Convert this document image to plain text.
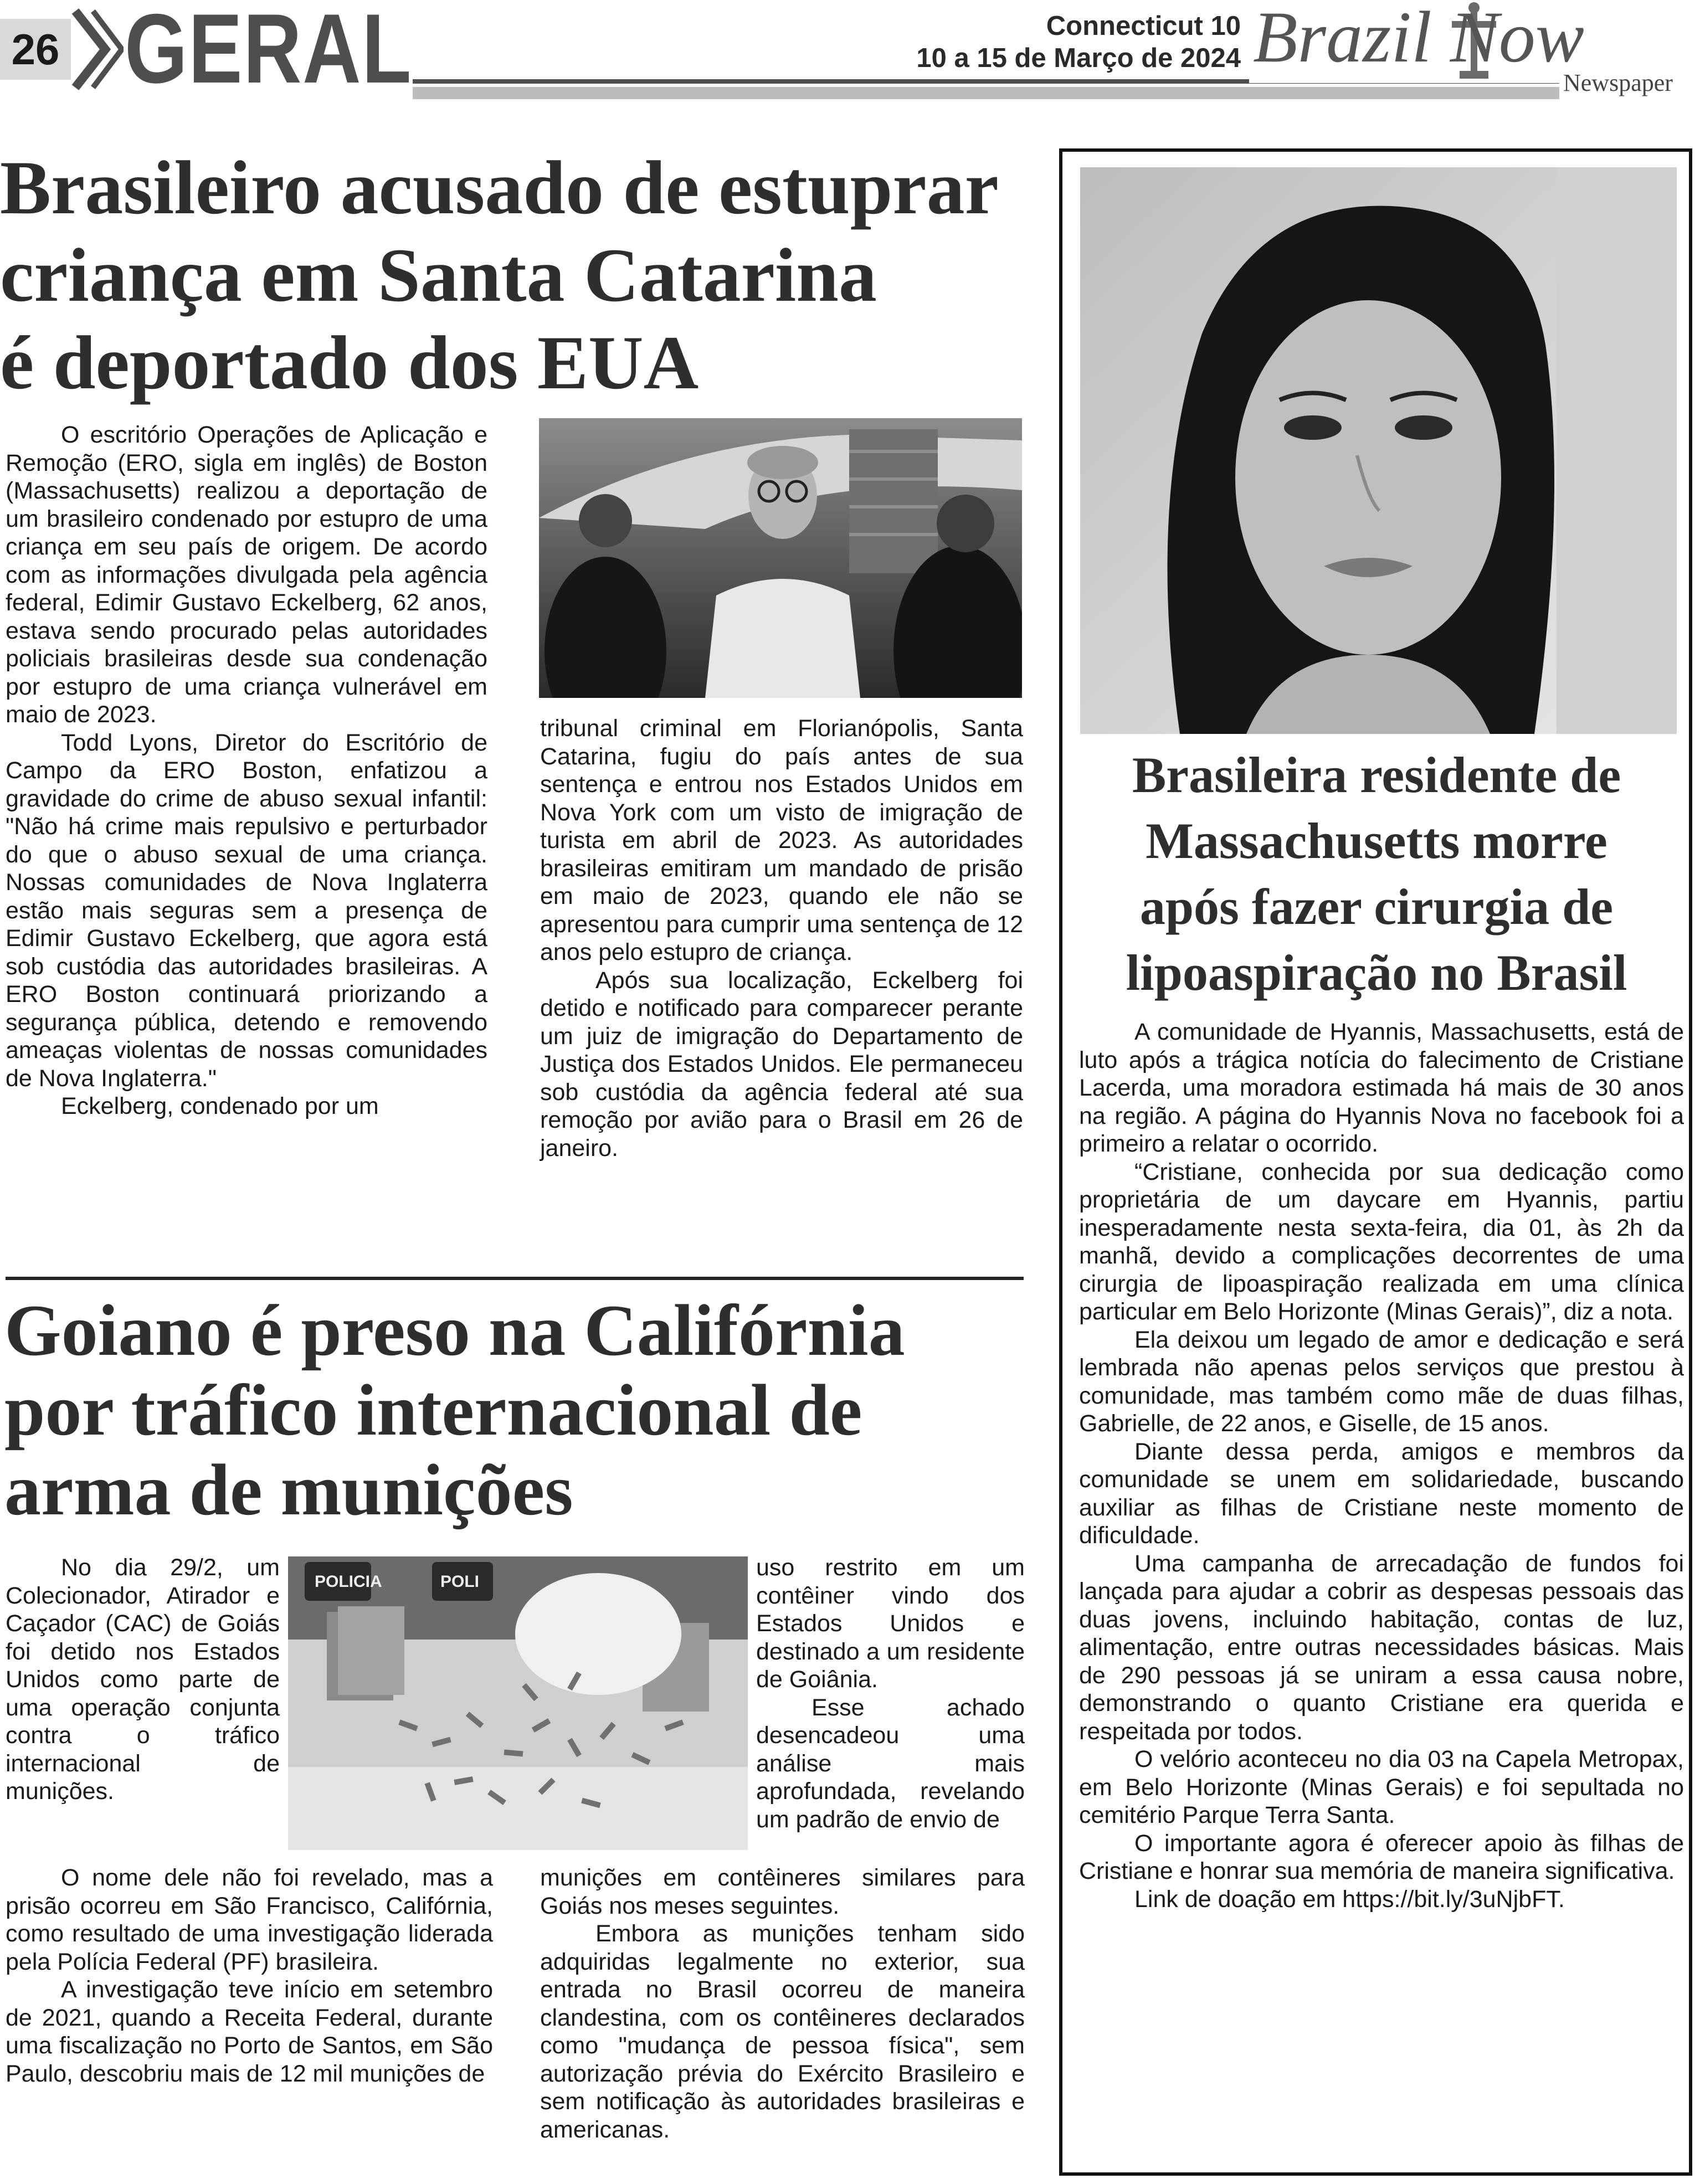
26 GERAL	Connecticut 10
10 a 15 de Março de 2024 Brazil Now
Newspaper
Brasileiro acusado de estuprar
criança em Santa Catarina
é deportado dos EUA

O escritório Operações de Aplicação e Remoção (ERO, sigla em inglês) de Boston (Massachusetts) realizou a deportação de um brasileiro condenado por estupro de uma criança em seu país de origem. De acordo com as informações divulgada pela agência federal, Edimir Gustavo Eckelberg, 62 anos, estava sendo procurado pelas autoridades policiais brasileiras desde sua condenação por estupro de uma criança vulnerável em maio de 2023.

Todd Lyons, Diretor do Escritório de Campo da ERO Boston, enfatizou a gravidade do crime de abuso sexual infantil: "Não há crime mais repulsivo e perturbador do que o abuso sexual de uma criança. Nossas comunidades de Nova Inglaterra estão mais seguras sem a presença de Edimir Gustavo Eckelberg, que agora está sob custódia das autoridades brasileiras. A ERO Boston continuará priorizando a segurança pública, detendo e removendo ameaças violentas de nossas comunidades de Nova Inglaterra."

Eckelberg, condenado por um

tribunal criminal em Florianópolis, Santa Catarina, fugiu do país antes de sua sentença e entrou nos Estados Unidos em Nova York com um visto de imigração de turista em abril de 2023. As autoridades brasileiras emitiram um mandado de prisão em maio de 2023, quando ele não se apresentou para cumprir uma sentença de 12 anos pelo estupro de criança.

Após sua localização, Eckelberg foi detido e notificado para comparecer perante um juiz de imigração do Departamento de Justiça dos Estados Unidos. Ele permaneceu sob custódia da agência federal até sua remoção por avião para o Brasil em 26 de janeiro.

Goiano é preso na Califórnia
por tráfico internacional de
arma de munições

No dia 29/2, um Colecionador, Atirador e Caçador (CAC) de Goiás foi detido nos Estados Unidos como parte de uma operação conjunta contra o tráfico internacional de munições.

POLICIA	POLI

uso restrito em um contêiner vindo dos Estados Unidos e destinado a um residente de Goiânia.

Esse achado desencadeou uma análise mais aprofundada, revelando um padrão de envio de

O nome dele não foi revelado, mas a prisão ocorreu em São Francisco, Califórnia, como resultado de uma investigação liderada pela Polícia Federal (PF) brasileira.

A investigação teve início em setembro de 2021, quando a Receita Federal, durante uma fiscalização no Porto de Santos, em São Paulo, descobriu mais de 12 mil munições de

munições em contêineres similares para Goiás nos meses seguintes.

Embora as munições tenham sido adquiridas legalmente no exterior, sua entrada no Brasil ocorreu de maneira clandestina, com os contêineres declarados como "mudança de pessoa física", sem autorização prévia do Exército Brasileiro e sem notificação às autoridades brasileiras e americanas.

Brasileira residente de
Massachusetts morre
após fazer cirurgia de
lipoaspiração no Brasil

A comunidade de Hyannis, Massachusetts, está de luto após a trágica notícia do falecimento de Cristiane Lacerda, uma moradora estimada há mais de 30 anos na região. A página do Hyannis Nova no facebook foi a primeiro a relatar o ocorrido.

“Cristiane, conhecida por sua dedicação como proprietária de um daycare em Hyannis, partiu inesperadamente nesta sexta-feira, dia 01, às 2h da manhã, devido a complicações decorrentes de uma cirurgia de lipoaspiração realizada em uma clínica particular em Belo Horizonte (Minas Gerais)”, diz a nota.

Ela deixou um legado de amor e dedicação e será lembrada não apenas pelos serviços que prestou à comunidade, mas também como mãe de duas filhas, Gabrielle, de 22 anos, e Giselle, de 15 anos.

Diante dessa perda, amigos e membros da comunidade se unem em solidariedade, buscando auxiliar as filhas de Cristiane neste momento de dificuldade.

Uma campanha de arrecadação de fundos foi lançada para ajudar a cobrir as despesas pessoais das duas jovens, incluindo habitação, contas de luz, alimentação, entre outras necessidades básicas. Mais de 290 pessoas já se uniram a essa causa nobre, demonstrando o quanto Cristiane era querida e respeitada por todos.

O velório aconteceu no dia 03 na Capela Metropax, em Belo Horizonte (Minas Gerais) e foi sepultada no cemitério Parque Terra Santa.

O importante agora é oferecer apoio às filhas de Cristiane e honrar sua memória de maneira significativa.

Link de doação em https://bit.ly/3uNjbFT.
